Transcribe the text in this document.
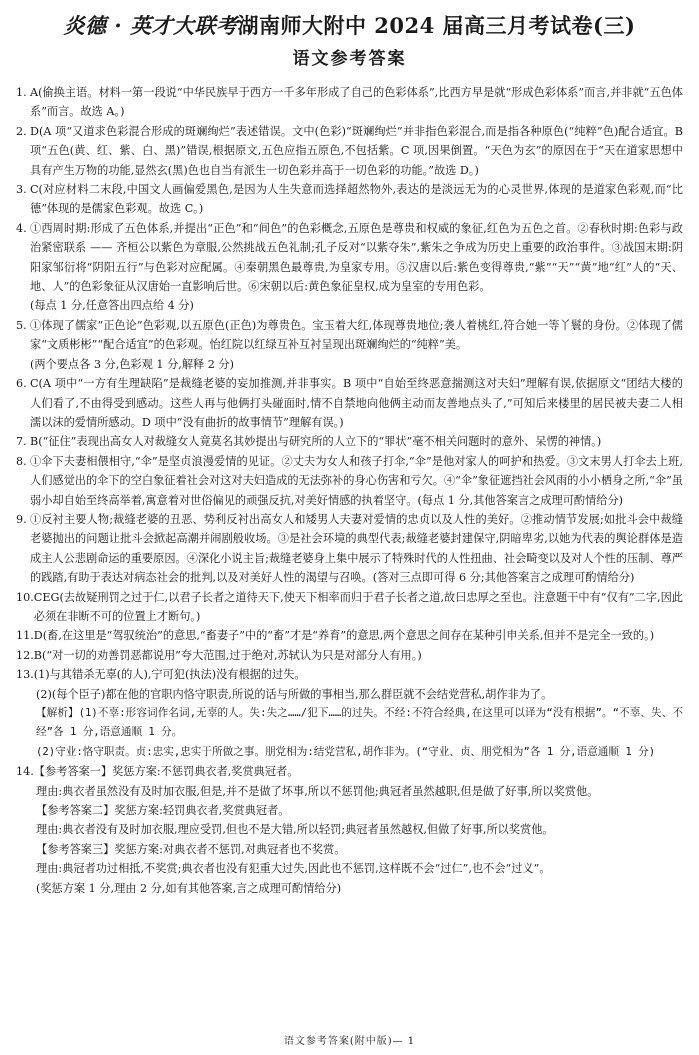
炎德 · 英才大联考湖南师大附中 2024 届高三月考试卷(三)
语文参考答案
1. A(偷换主语。材料一第一段说“中华民族早于西方一千多年形成了自己的色彩体系”,比西方早是就“形成色彩体系”而言,并非就“五色体系”而言。故选 A。)
2. D(A 项“又道求色彩混合形成的斑斓绚烂”表述错误。文中(色彩)“斑斓绚烂”并非指色彩混合,而是指各种原色(“纯粹”色)配合适宜。B 项“五色(黄、红、紫、白、黑)”错误,根据原文,五色应指五原色,不包括紫。C 项,因果倒置。“天色为玄”的原因在于“天在道家思想中具有产生万物的功能,显然玄(黑)色也自当有派生一切色彩并高于一切色彩的功能。”故选 D。)
3. C(对应材料二末段,中国文人画偏爱黑色,是因为人生失意而选择超然物外,表达的是淡远无为的心灵世界,体现的是道家色彩观,而“比德”体现的是儒家色彩观。故选 C。)
4. ①西周时期:形成了五色体系,并提出“正色”和“间色”的色彩概念,五原色是尊贵和权威的象征,红色为五色之首。②春秋时期:色彩与政治紧密联系 —— 齐桓公以紫色为章服,公然挑战五色礼制;孔子反对“以紫夺朱”,紫朱之争成为历史上重要的政治事件。③战国末期:阴阳家邹衍将“阴阳五行”与色彩对应配属。④秦朝黑色最尊贵,为皇家专用。⑤汉唐以后:紫色变得尊贵,“紫”“天”“黄”地“红”人的“天、地、人”的色彩象征从汉唐始一直影响后世。⑥宋朝以后:黄色象征皇权,成为皇室的专用色彩。
(每点 1 分,任意答出四点给 4 分)
5. ①体现了儒家“正色论”色彩观,以五原色(正色)为尊贵色。宝玉着大红,体现尊贵地位;袭人着桃红,符合她一等丫鬟的身份。②体现了儒家“文质彬彬”“配合适宜”的色彩观。怡红院以红绿互补互衬呈现出斑斓绚烂的“纯粹”美。
(两个要点各 3 分,色彩观 1 分,解释 2 分)
6. C(A 项中“一方有生理缺陷”是裁缝老婆的妄加推测,并非事实。B 项中“自始至终恶意揣测这对夫妇”理解有误,依据原文“团结大楼的人们看了,不由得受到感动。这些人再与他俩打头碰面时,情不自禁地向他俩主动而友善地点头了,”可知后来楼里的居民被夫妻二人相濡以沫的爱情所感动。D 项中“没有曲折的故事情节”理解有误。)
7. B(“征住”表现出高女人对裁缝女人竟莫名其妙提出与研究所的人立下的“罪状”毫不相关问题时的意外、呆愣的神情。)
8. ①伞下夫妻相偎相守,“伞”是坚贞浪漫爱情的见证。②丈夫为女人和孩子打伞,“伞”是他对家人的呵护和热爱。③文末男人打伞去上班,人们感觉出的伞下的空白象征着社会对这对夫妇造成的无法弥补的身心伤害和亏欠。④“伞”象征遮挡社会风雨的小小栖身之所,“伞”虽弱小却自始至终高举着,寓意着对世俗偏见的顽强反抗,对美好情感的执着坚守。(每点 1 分,其他答案言之成理可酌情给分)
9. ①反衬主要人物;裁缝老婆的丑恶、势利反衬出高女人和矮男人夫妻对爱情的忠贞以及人性的美好。②推动情节发展;如批斗会中裁缝老婆抛出的问题让批斗会掀起高潮并闹剧般收场。③是社会环境的典型代表;裁缝老婆封建保守,阴暗卑劣,以她为代表的舆论群体是造成主人公悲剧命运的重要原因。④深化小说主旨;裁缝老婆身上集中展示了特殊时代的人性扭曲、社会畸变以及对人个性的压制、尊严的践踏,有助于表达对病态社会的批判,以及对美好人性的渴望与召唤。(答对三点即可得 6 分;其他答案言之成理可酌情给分)
10. CEG(去故疑刑罚之过于仁,以君子长者之道待天下,使天下相率而归于君子长者之道,故曰忠厚之至也。注意题干中有“仅有”二字,因此必须在非断不可的位置上才断句。)
11. D(畜,在这里是“驾驭统治”的意思,“畜妻子”中的“畜”才是“养育”的意思,两个意思之间存在某种引申关系,但并不是完全一致的。)
12. B(“对一切的劝善罚恶都说用”夸大范围,过于绝对,苏轼认为只是对部分人有用。)
13. (1)与其错杀无辜(的人),宁可犯(执法)没有根据的过失。
(2)(每个臣子)都在他的官职内恪守职责,所说的话与所做的事相当,那么群臣就不会结党营私,胡作非为了。
【解析】(1)不辜:形容词作名词,无辜的人。失:失之……/犯下……的过失。不经:不符合经典,在这里可以译为“没有根据”。“不辜、失、不经”各 1 分,语意通顺 1 分。
(2)守业:恪守职责。贞:忠实,忠实于所做之事。朋党相为:结党营私,胡作非为。(“守业、贞、朋党相为”各 1 分,语意通顺 1 分)
14. 【参考答案一】奖惩方案:不惩罚典衣者,奖赏典冠者。
理由:典衣者虽然没有及时加衣服,但是,并不是做了坏事,所以不惩罚他;典冠者虽然越职,但是做了好事,所以奖赏他。
【参考答案二】奖惩方案:轻罚典衣者,奖赏典冠者。
理由:典衣者没有及时加衣服,理应受罚,但也不是大错,所以轻罚;典冠者虽然越权,但做了好事,所以奖赏他。
【参考答案三】奖惩方案:对典衣者不惩罚,对典冠者也不奖赏。
理由:典冠者功过相抵,不奖赏;典衣者也没有犯重大过失,因此也不惩罚,这样既不会“过仁”,也不会“过义”。
(奖惩方案 1 分,理由 2 分,如有其他答案,言之成理可酌情给分)
语文参考答案(附中版)— 1
